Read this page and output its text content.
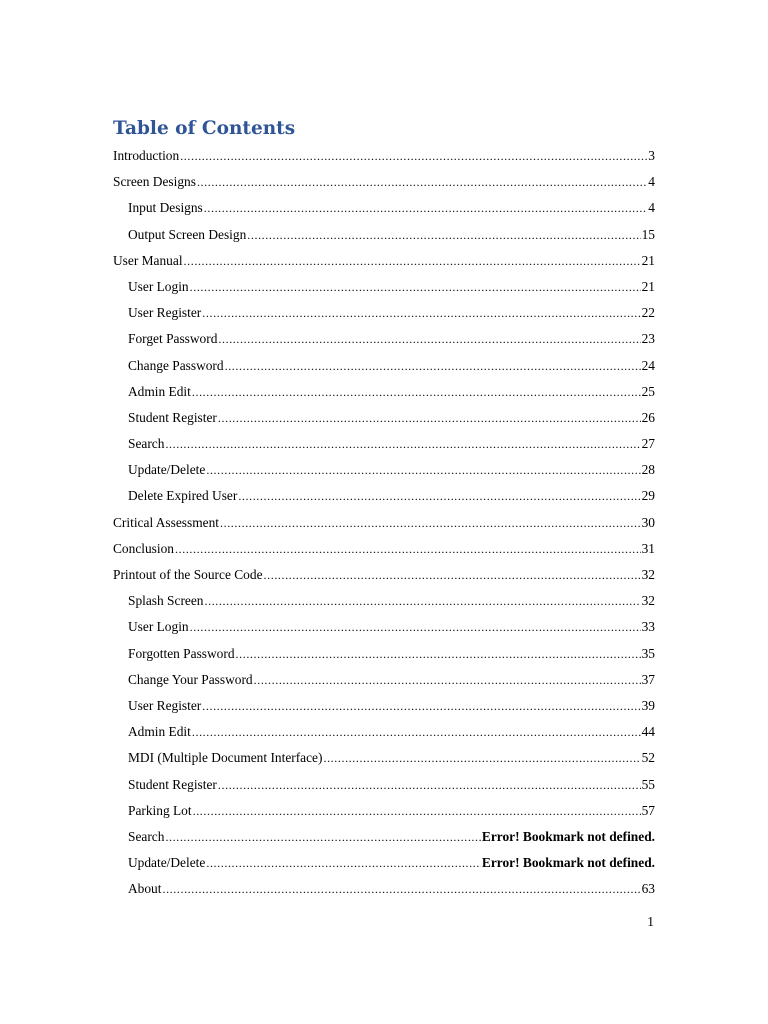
Table of Contents
Introduction .....	3
Screen Designs .....	4
Input Designs .....	4
Output Screen Design .....	15
User Manual .....	21
User Login .....	21
User Register .....	22
Forget Password .....	23
Change Password .....	24
Admin Edit .....	25
Student Register .....	26
Search .....	27
Update/Delete .....	28
Delete Expired User .....	29
Critical Assessment .....	30
Conclusion .....	31
Printout of the Source Code .....	32
Splash Screen .....	32
User Login .....	33
Forgotten Password .....	35
Change Your Password .....	37
User Register .....	39
Admin Edit .....	44
MDI (Multiple Document Interface) .....	52
Student Register .....	55
Parking Lot .....	57
Search .....	Error! Bookmark not defined.
Update/Delete .....	Error! Bookmark not defined.
About .....	63
1
